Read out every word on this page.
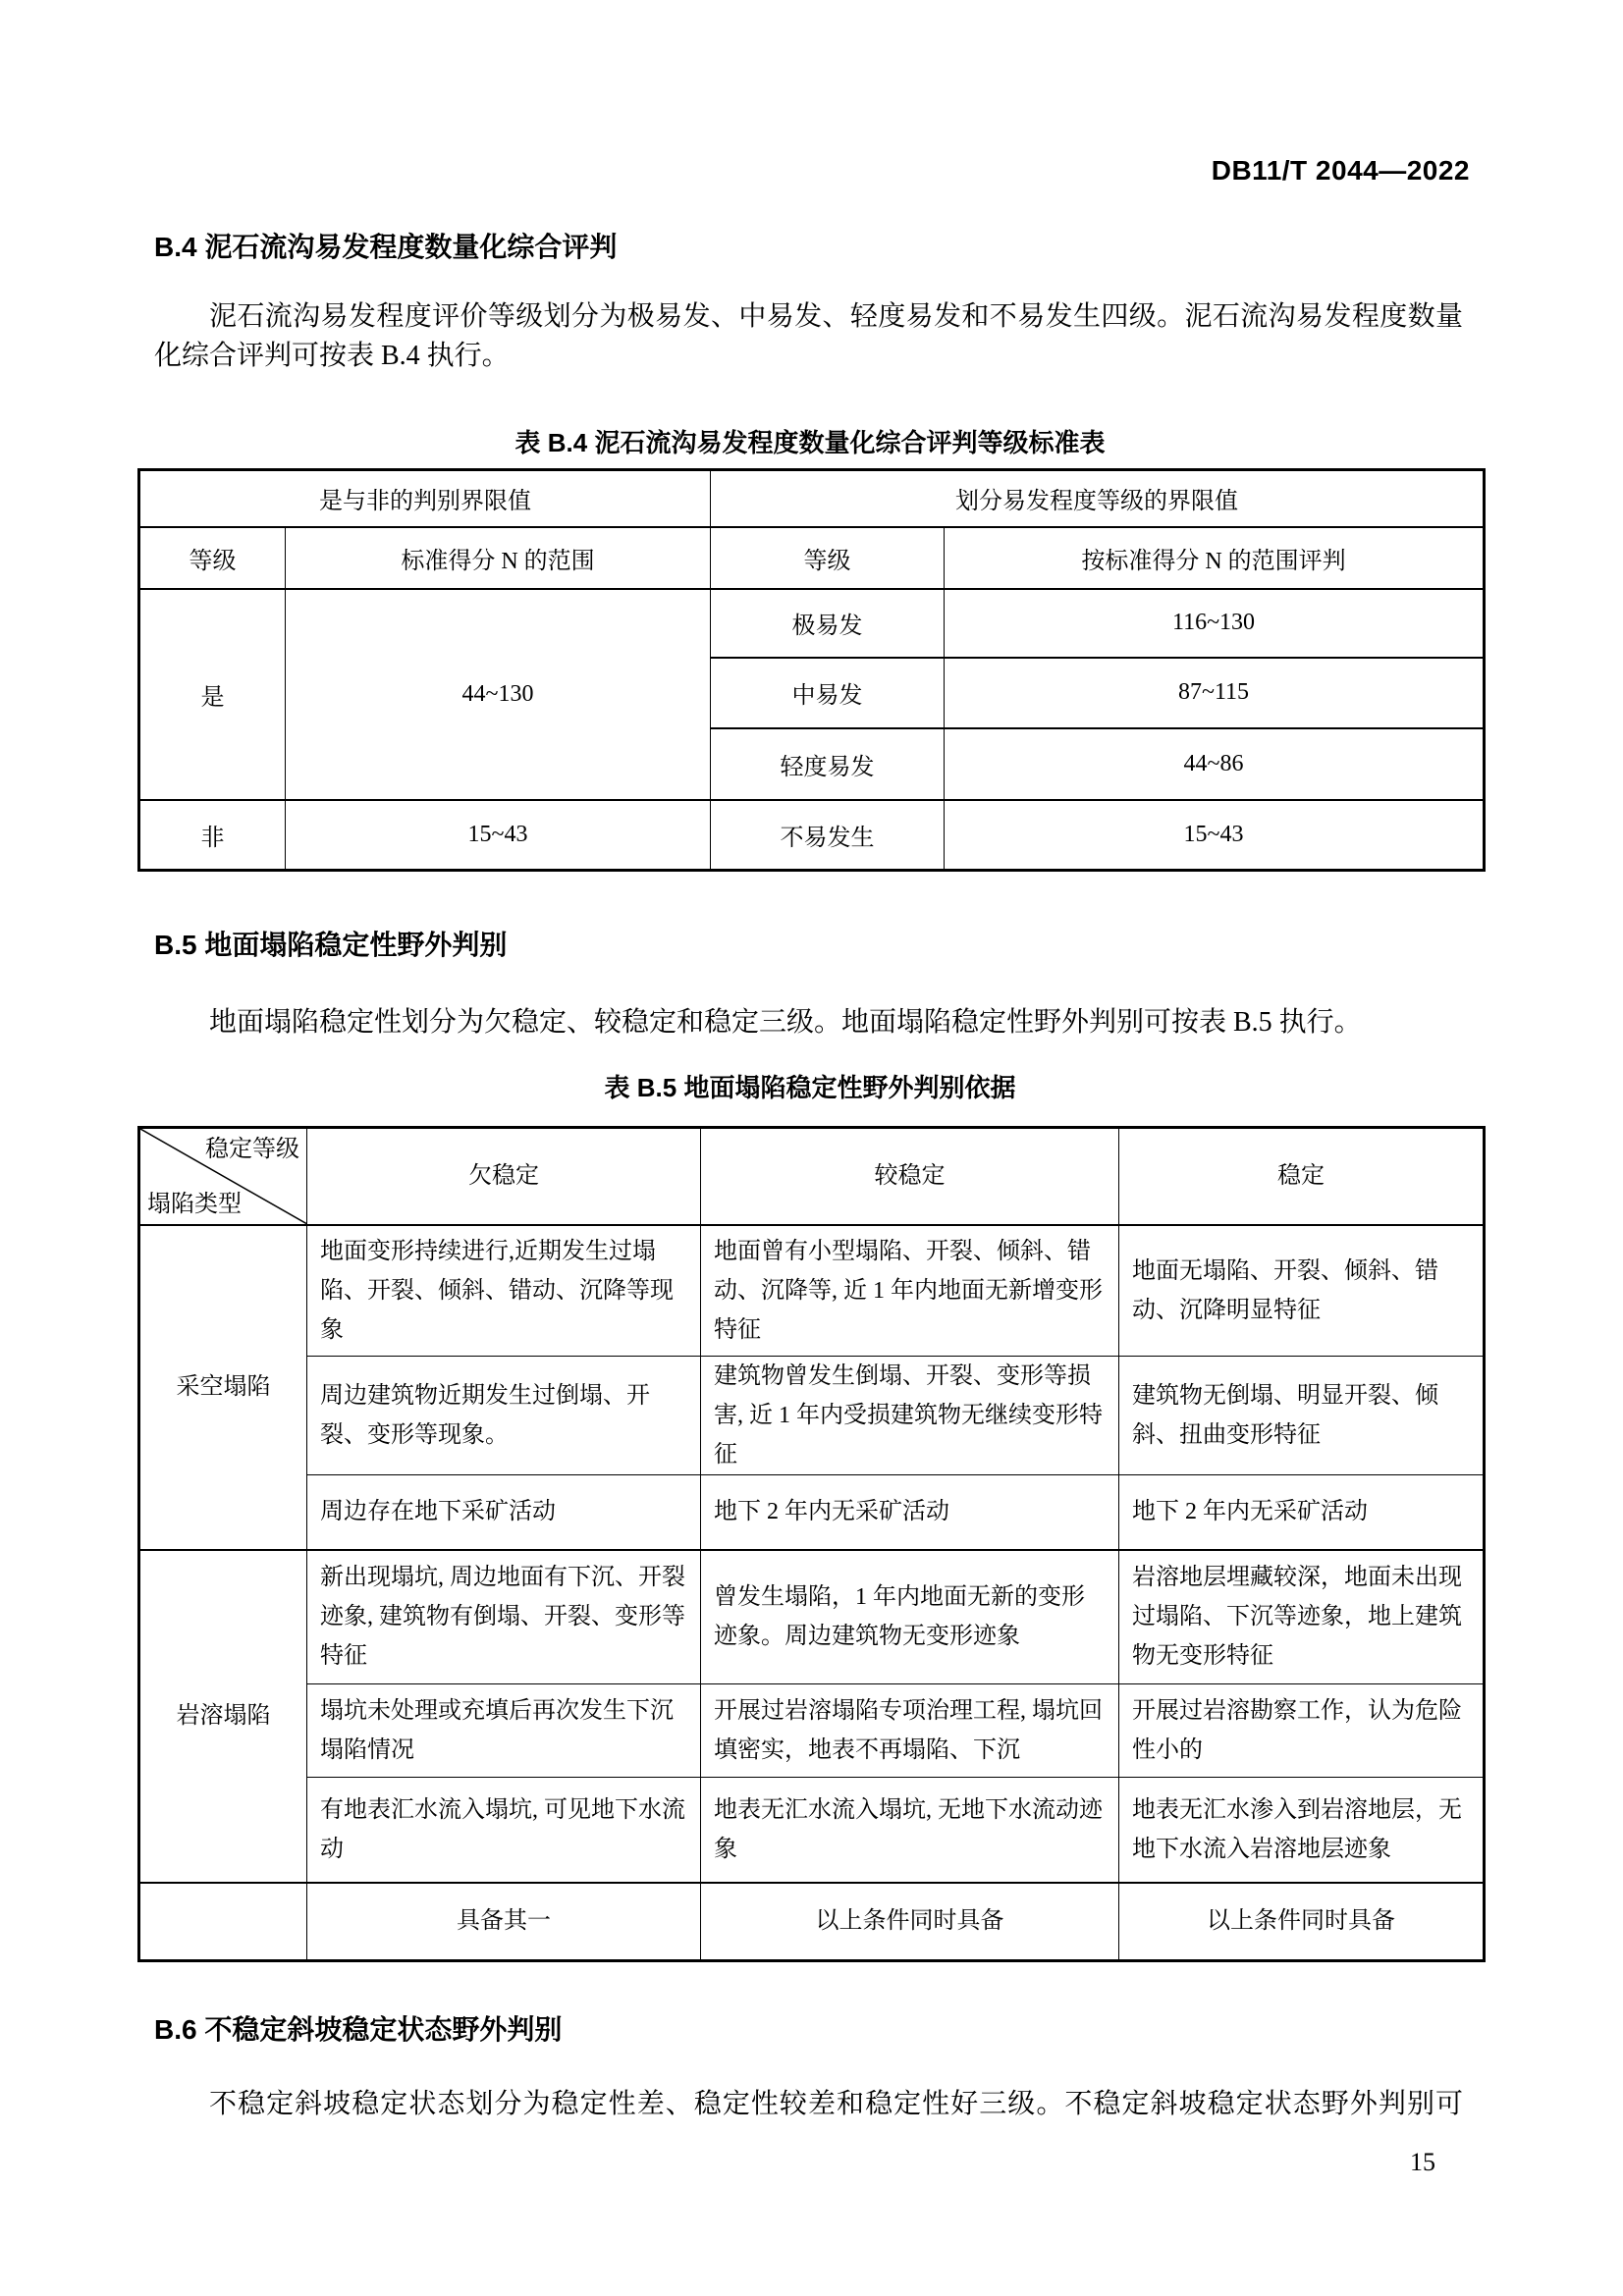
DB11/T 2044—2022
B.4 泥石流沟易发程度数量化综合评判

泥石流沟易发程度评价等级划分为极易发、中易发、轻度易发和不易发生四级。泥石流沟易发程度数量化综合评判可按表 B.4 执行。

表 B.4 泥石流沟易发程度数量化综合评判等级标准表
是与非的判别界限值		划分易发程度等级的界限值	
等级	标准得分 N 的范围	等级	按标准得分 N 的范围评判
是	44~130	极易发	116~130
		中易发	87~115
		轻度易发	44~86
非	15~43	不易发生	15~43
B.5 地面塌陷稳定性野外判别

地面塌陷稳定性划分为欠稳定、较稳定和稳定三级。地面塌陷稳定性野外判别可按表 B.5 执行。

表 B.5 地面塌陷稳定性野外判别依据
稳定等级
塌陷类型	欠稳定	较稳定	稳定
采空塌陷	地面变形持续进行,近期发生过塌陷、开裂、倾斜、错动、沉降等现象	地面曾有小型塌陷、开裂、倾斜、错动、沉降等, 近 1 年内地面无新增变形特征	地面无塌陷、开裂、倾斜、错动、沉降明显特征
	周边建筑物近期发生过倒塌、开裂、变形等现象。	建筑物曾发生倒塌、开裂、变形等损害, 近 1 年内受损建筑物无继续变形特征	建筑物无倒塌、明显开裂、倾斜、扭曲变形特征
	周边存在地下采矿活动	地下 2 年内无采矿活动	地下 2 年内无采矿活动
岩溶塌陷	新出现塌坑, 周边地面有下沉、开裂迹象, 建筑物有倒塌、开裂、变形等特征	曾发生塌陷，1 年内地面无新的变形迹象。周边建筑物无变形迹象	岩溶地层埋藏较深，地面未出现过塌陷、下沉等迹象，地上建筑物无变形特征
	塌坑未处理或充填后再次发生下沉塌陷情况	开展过岩溶塌陷专项治理工程, 塌坑回填密实，地表不再塌陷、下沉	开展过岩溶勘察工作，认为危险性小的
	有地表汇水流入塌坑, 可见地下水流动	地表无汇水流入塌坑, 无地下水流动迹象	地表无汇水渗入到岩溶地层，无地下水流入岩溶地层迹象
	具备其一	以上条件同时具备	以上条件同时具备
B.6 不稳定斜坡稳定状态野外判别

不稳定斜坡稳定状态划分为稳定性差、稳定性较差和稳定性好三级。不稳定斜坡稳定状态野外判别可

15
